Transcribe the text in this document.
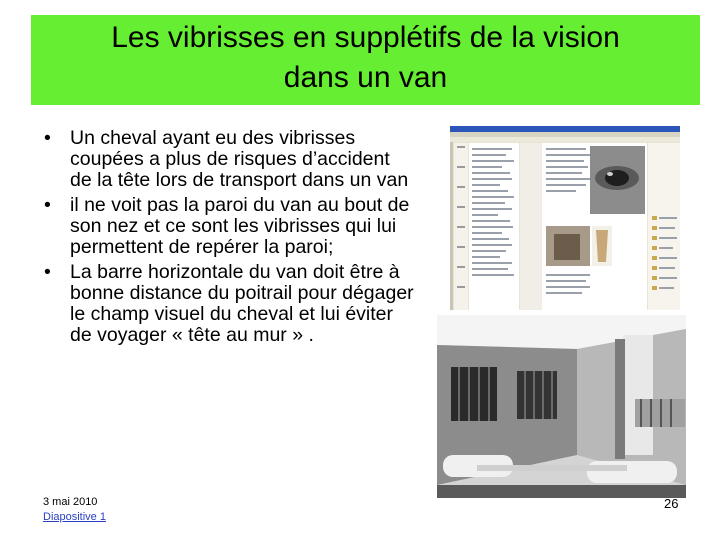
Les vibrisses en supplétifs de la vision
dans un van
• Un cheval ayant eu des vibrisses coupées a plus de risques d’accident de la tête lors de transport dans un van
• il ne voit pas la paroi du van au bout de son nez et ce sont les vibrisses qui lui permettent de repérer la paroi;
• La barre horizontale du van doit être à bonne distance du poitrail pour dégager le champ visuel du cheval et lui éviter de voyager « tête au mur » .
3 mai 2010
Diapositive 1
26
